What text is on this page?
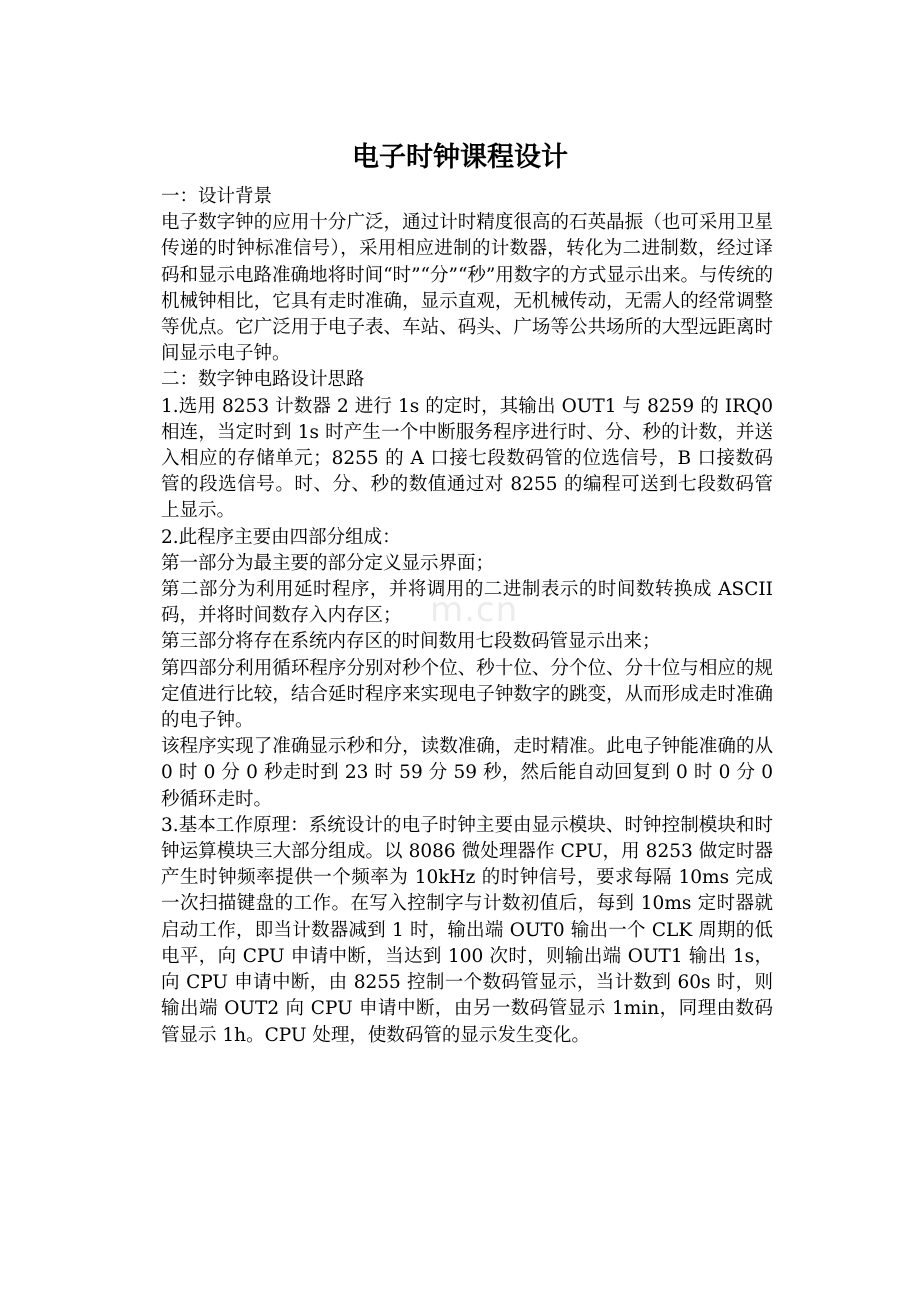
m.cn
电子时钟课程设计

一：设计背景

电子数字钟的应用十分广泛，通过计时精度很高的石英晶振（也可采用卫星传递的时钟标准信号），采用相应进制的计数器，转化为二进制数，经过译码和显示电路准确地将时间“时”“分”“秒”用数字的方式显示出来。与传统的机械钟相比，它具有走时准确，显示直观，无机械传动，无需人的经常调整等优点。它广泛用于电子表、车站、码头、广场等公共场所的大型远距离时间显示电子钟。

二：数字钟电路设计思路

1.选用 8253 计数器 2 进行 1s 的定时，其输出 OUT1 与 8259 的 IRQ0 相连，当定时到 1s 时产生一个中断服务程序进行时、分、秒的计数，并送入相应的存储单元；8255 的 A 口接七段数码管的位选信号，B 口接数码管的段选信号。时、分、秒的数值通过对 8255 的编程可送到七段数码管上显示。

2.此程序主要由四部分组成：

第一部分为最主要的部分定义显示界面；

第二部分为利用延时程序，并将调用的二进制表示的时间数转换成 ASCII 码，并将时间数存入内存区；

第三部分将存在系统内存区的时间数用七段数码管显示出来；

第四部分利用循环程序分别对秒个位、秒十位、分个位、分十位与相应的规定值进行比较，结合延时程序来实现电子钟数字的跳变，从而形成走时准确的电子钟。

该程序实现了准确显示秒和分，读数准确，走时精准。此电子钟能准确的从 0 时 0 分 0 秒走时到 23 时 59 分 59 秒，然后能自动回复到 0 时 0 分 0 秒循环走时。

3.基本工作原理：系统设计的电子时钟主要由显示模块、时钟控制模块和时钟运算模块三大部分组成。以 8086 微处理器作 CPU，用 8253 做定时器产生时钟频率提供一个频率为 10kHz 的时钟信号，要求每隔 10ms 完成一次扫描键盘的工作。在写入控制字与计数初值后，每到 10ms 定时器就启动工作，即当计数器减到 1 时，输出端 OUT0 输出一个 CLK 周期的低电平，向 CPU 申请中断，当达到 100 次时，则输出端 OUT1 输出 1s，向 CPU 申请中断，由 8255 控制一个数码管显示，当计数到 60s 时，则输出端 OUT2 向 CPU 申请中断，由另一数码管显示 1min，同理由数码管显示 1h。CPU 处理，使数码管的显示发生变化。
